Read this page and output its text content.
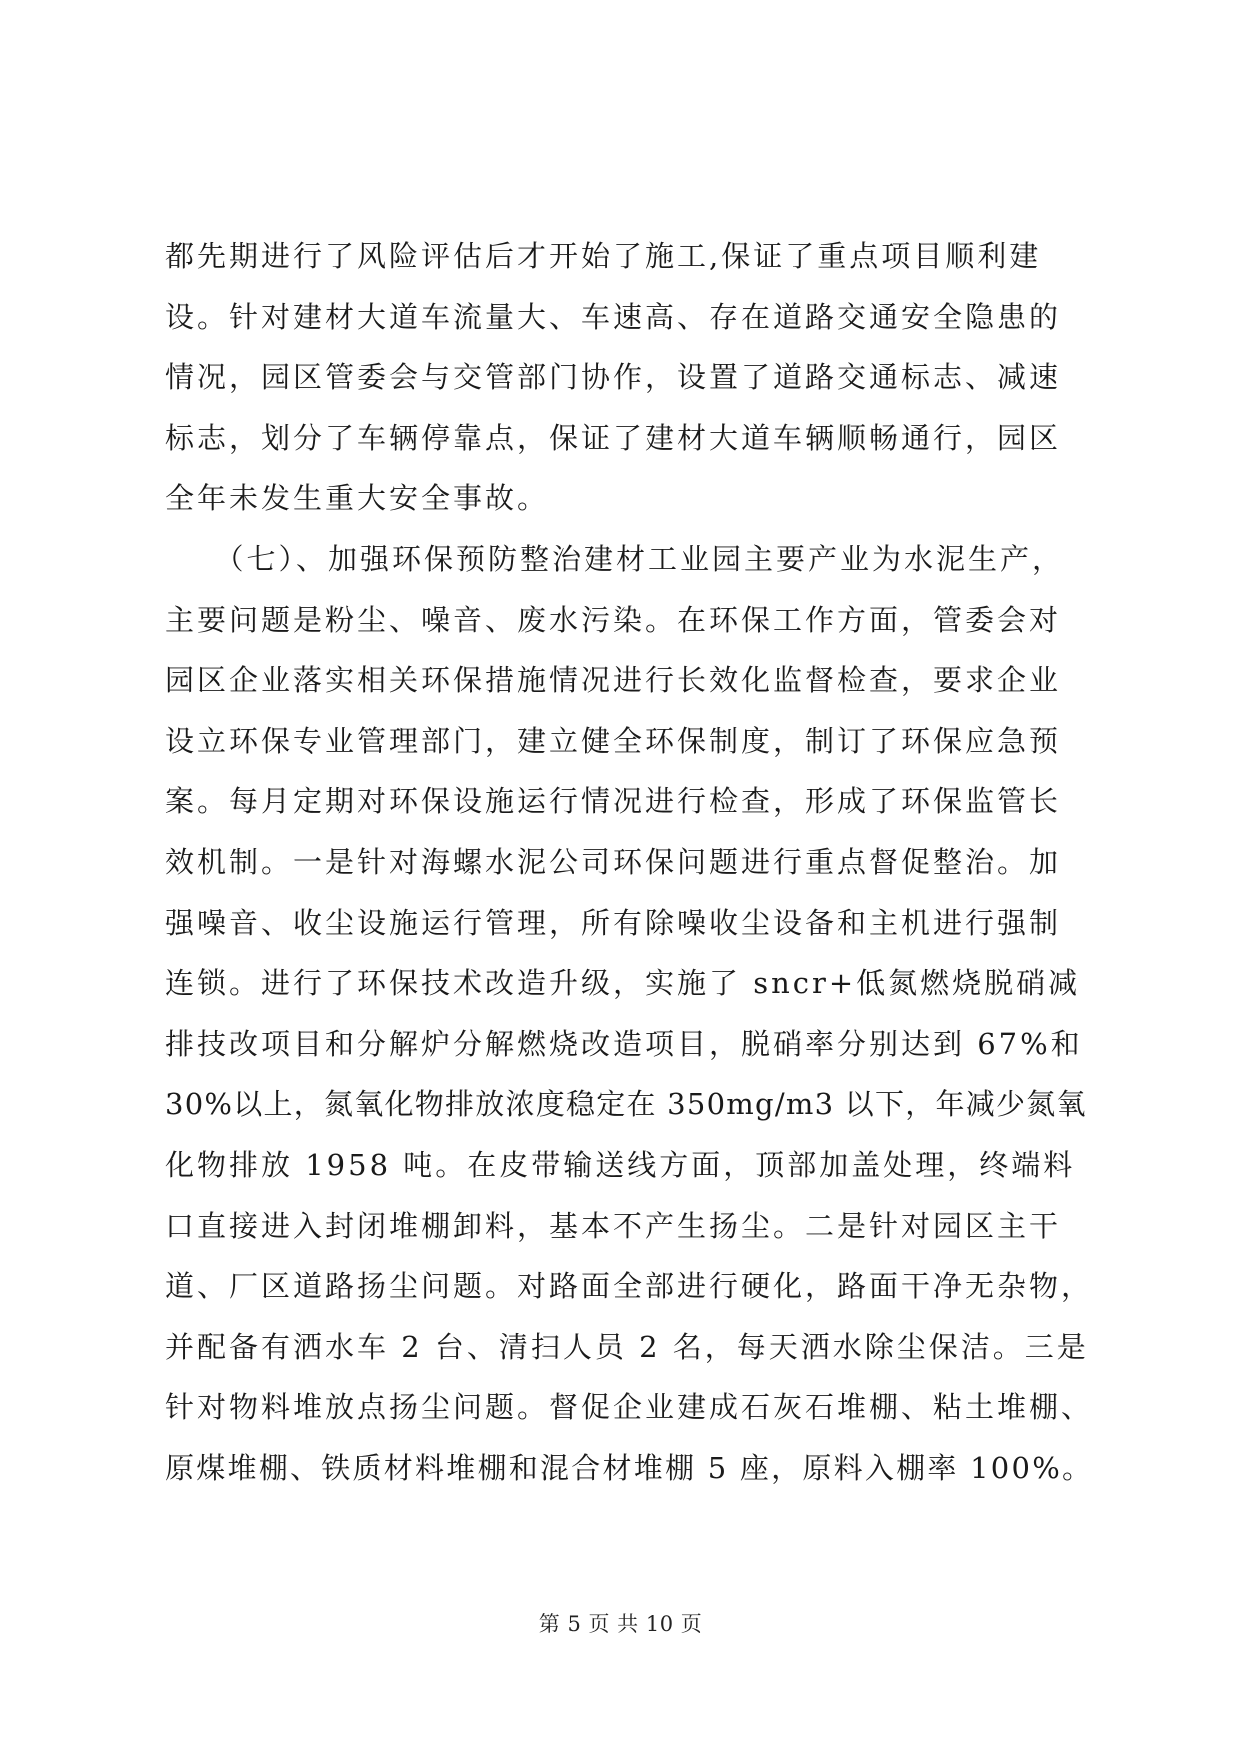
都先期进行了风险评估后才开始了施工,保证了重点项目顺利建
设。针对建材大道车流量大、车速高、存在道路交通安全隐患的
情况，园区管委会与交管部门协作，设置了道路交通标志、减速
标志，划分了车辆停靠点，保证了建材大道车辆顺畅通行，园区
全年未发生重大安全事故。
　　（七）、加强环保预防整治建材工业园主要产业为水泥生产，
主要问题是粉尘、噪音、废水污染。在环保工作方面，管委会对
园区企业落实相关环保措施情况进行长效化监督检查，要求企业
设立环保专业管理部门，建立健全环保制度，制订了环保应急预
案。每月定期对环保设施运行情况进行检查，形成了环保监管长
效机制。一是针对海螺水泥公司环保问题进行重点督促整治。加
强噪音、收尘设施运行管理，所有除噪收尘设备和主机进行强制
连锁。进行了环保技术改造升级，实施了 sncr+低氮燃烧脱硝减
排技改项目和分解炉分解燃烧改造项目，脱硝率分别达到 67%和
30%以上，氮氧化物排放浓度稳定在 350mg/m3 以下，年减少氮氧
化物排放 1958 吨。在皮带输送线方面，顶部加盖处理，终端料
口直接进入封闭堆棚卸料，基本不产生扬尘。二是针对园区主干
道、厂区道路扬尘问题。对路面全部进行硬化，路面干净无杂物，
并配备有洒水车 2 台、清扫人员 2 名，每天洒水除尘保洁。三是
针对物料堆放点扬尘问题。督促企业建成石灰石堆棚、粘土堆棚、
原煤堆棚、铁质材料堆棚和混合材堆棚 5 座，原料入棚率 100%。
第 5 页 共 10 页
